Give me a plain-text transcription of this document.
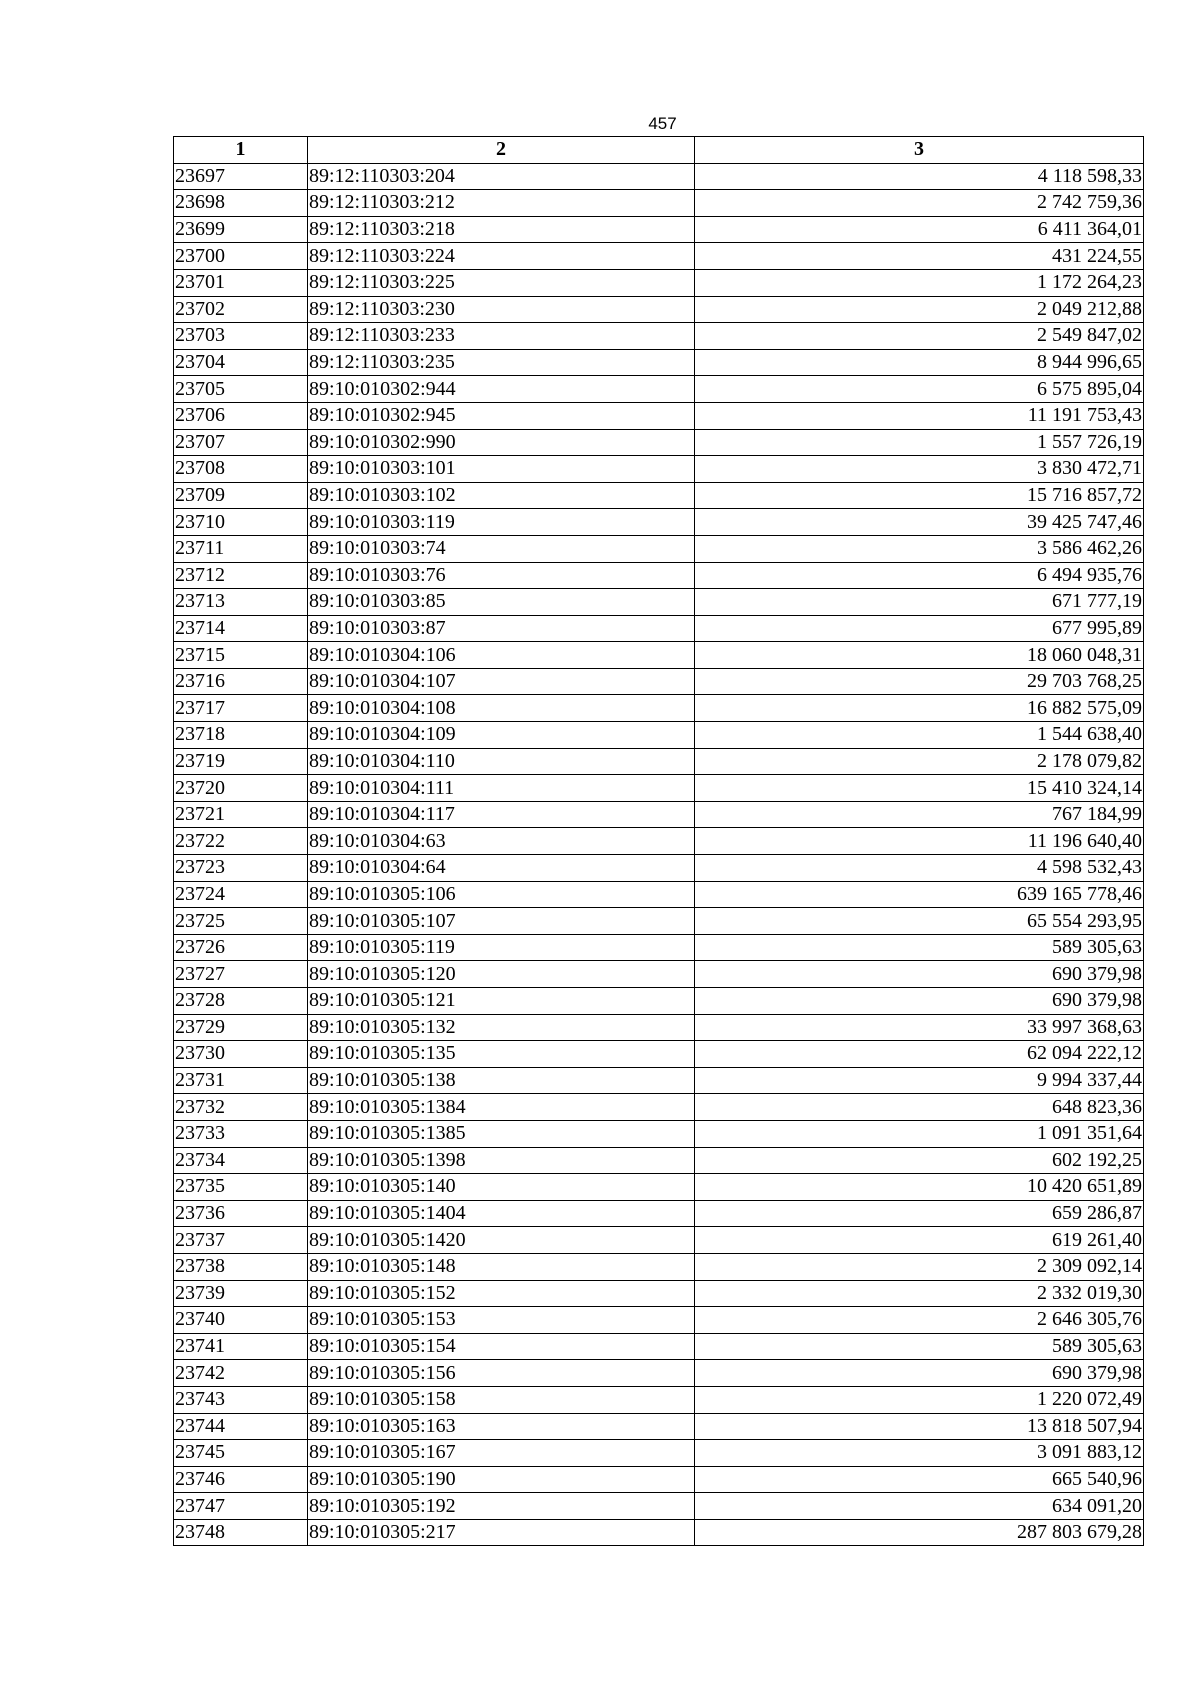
457
1	2	3
23697	89:12:110303:204	4 118 598,33
23698	89:12:110303:212	2 742 759,36
23699	89:12:110303:218	6 411 364,01
23700	89:12:110303:224	431 224,55
23701	89:12:110303:225	1 172 264,23
23702	89:12:110303:230	2 049 212,88
23703	89:12:110303:233	2 549 847,02
23704	89:12:110303:235	8 944 996,65
23705	89:10:010302:944	6 575 895,04
23706	89:10:010302:945	11 191 753,43
23707	89:10:010302:990	1 557 726,19
23708	89:10:010303:101	3 830 472,71
23709	89:10:010303:102	15 716 857,72
23710	89:10:010303:119	39 425 747,46
23711	89:10:010303:74	3 586 462,26
23712	89:10:010303:76	6 494 935,76
23713	89:10:010303:85	671 777,19
23714	89:10:010303:87	677 995,89
23715	89:10:010304:106	18 060 048,31
23716	89:10:010304:107	29 703 768,25
23717	89:10:010304:108	16 882 575,09
23718	89:10:010304:109	1 544 638,40
23719	89:10:010304:110	2 178 079,82
23720	89:10:010304:111	15 410 324,14
23721	89:10:010304:117	767 184,99
23722	89:10:010304:63	11 196 640,40
23723	89:10:010304:64	4 598 532,43
23724	89:10:010305:106	639 165 778,46
23725	89:10:010305:107	65 554 293,95
23726	89:10:010305:119	589 305,63
23727	89:10:010305:120	690 379,98
23728	89:10:010305:121	690 379,98
23729	89:10:010305:132	33 997 368,63
23730	89:10:010305:135	62 094 222,12
23731	89:10:010305:138	9 994 337,44
23732	89:10:010305:1384	648 823,36
23733	89:10:010305:1385	1 091 351,64
23734	89:10:010305:1398	602 192,25
23735	89:10:010305:140	10 420 651,89
23736	89:10:010305:1404	659 286,87
23737	89:10:010305:1420	619 261,40
23738	89:10:010305:148	2 309 092,14
23739	89:10:010305:152	2 332 019,30
23740	89:10:010305:153	2 646 305,76
23741	89:10:010305:154	589 305,63
23742	89:10:010305:156	690 379,98
23743	89:10:010305:158	1 220 072,49
23744	89:10:010305:163	13 818 507,94
23745	89:10:010305:167	3 091 883,12
23746	89:10:010305:190	665 540,96
23747	89:10:010305:192	634 091,20
23748	89:10:010305:217	287 803 679,28
